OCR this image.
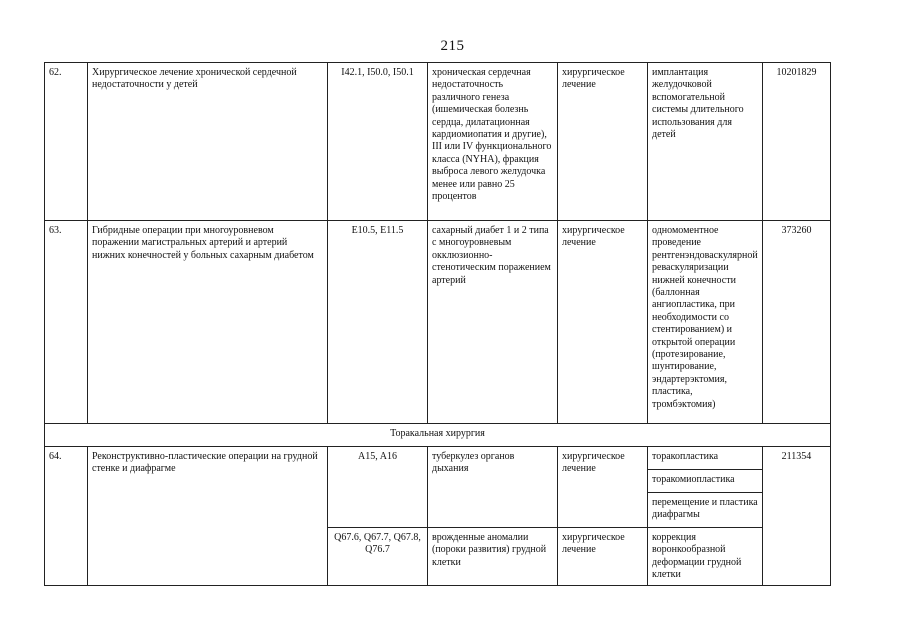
215
62.	Хирургическое лечение хронической сердечной недостаточности у детей	I42.1, I50.0, I50.1	хроническая сердечная недостаточность различного генеза (ишемическая болезнь сердца, дилатационная кардиомиопатия и другие), III или IV функционального класса (NYHA), фракция выброса левого желудочка менее или равно 25 процентов	хирургическое лечение	имплантация желудочковой вспомогательной системы длительного использования для детей	10201829
63.	Гибридные операции при многоуровневом поражении магистральных артерий и артерий нижних конечностей у больных сахарным диабетом	E10.5, E11.5	сахарный диабет 1 и 2 типа с многоуровневым окклюзионно-стенотическим поражением артерий	хирургическое лечение	одномоментное проведение рентгенэндоваскулярной реваскуляризации нижней конечности (баллонная ангиопластика, при необходимости со стентированием) и открытой операции (протезирование, шунтирование, эндартерэктомия, пластика, тромбэктомия)	373260
Торакальная хирургия						
64.	Реконструктивно-пластические операции на грудной стенке и диафрагме	A15, A16	туберкулез органов дыхания	хирургическое лечение	торакопластика	211354
					торакомиопластика	
					перемещение и пластика диафрагмы	
		Q67.6, Q67.7, Q67.8, Q76.7	врожденные аномалии (пороки развития) грудной клетки	хирургическое лечение	коррекция воронкообразной деформации грудной клетки	
